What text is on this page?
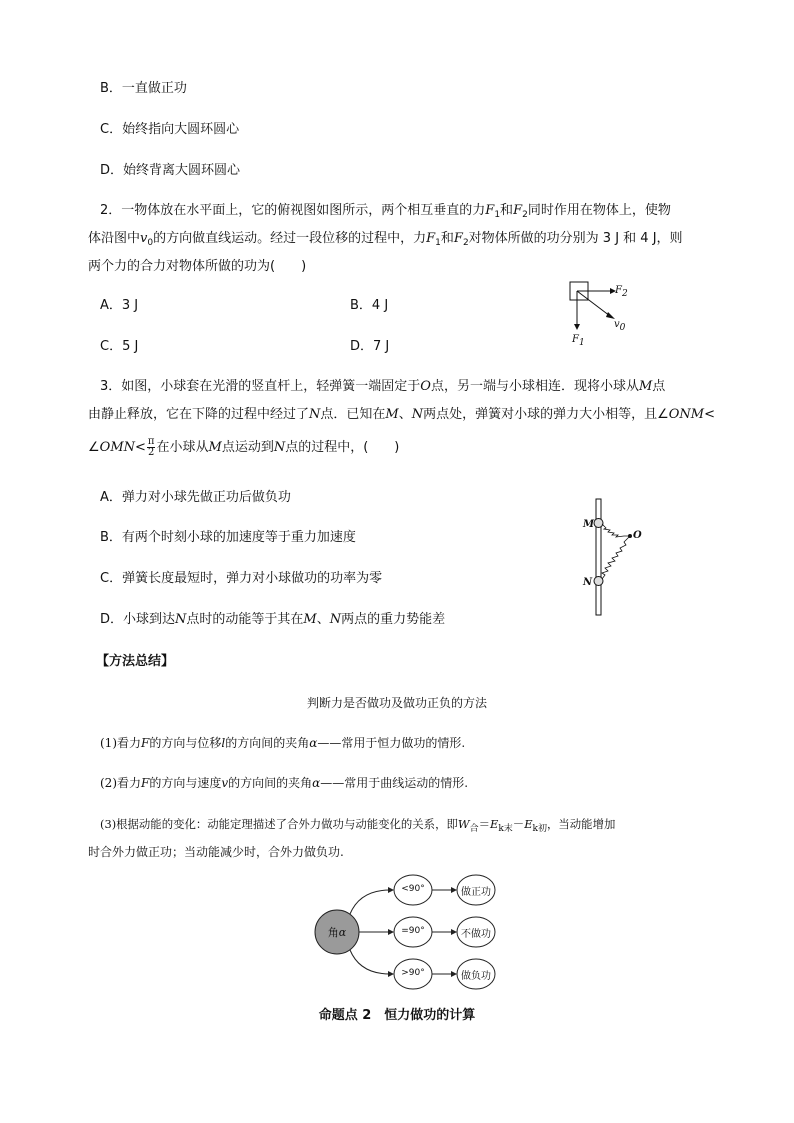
B．一直做正功
C．始终指向大圆环圆心
D．始终背离大圆环圆心
2．一物体放在水平面上，它的俯视图如图所示，两个相互垂直的力$F_1$和$F_2$同时作用在物体上，使物
体沿图中$v_0$的方向做直线运动。经过一段位移的过程中，力$F_1$和$F_2$对物体所做的功分别为 3 J 和 4 J，则
两个力的合力对物体所做的功为(　　)
A．3 J	B．4 J
C．5 J	D．7 J
$F_2$
$v_0$
$F_1$
3．如图，小球套在光滑的竖直杆上，轻弹簧一端固定于O点，另一端与小球相连．现将小球从M点
由静止释放，它在下降的过程中经过了N点．已知在M、N两点处，弹簧对小球的弹力大小相等，且∠ONM<
∠OMN< $\frac{\pi}{2}$ 在小球从M点运动到N点的过程中，(　　)
A．弹力对小球先做正功后做负功
B．有两个时刻小球的加速度等于重力加速度
C．弹簧长度最短时，弹力对小球做功的功率为零
D．小球到达N点时的动能等于其在M、N两点的重力势能差
M
N
O
【方法总结】
判断力是否做功及做功正负的方法
(1)看力F的方向与位移l的方向间的夹角α——常用于恒力做功的情形.
(2)看力F的方向与速度v的方向间的夹角α——常用于曲线运动的情形.
(3)根据动能的变化：动能定理描述了合外力做功与动能变化的关系，即$W_合=E_{k末}-E_{k初}$，当动能增加
时合外力做正功；当动能减少时，合外力做负功.
角α
<90°
=90°
>90°
做正功
不做功
做负功
命题点 2　恒力做功的计算
